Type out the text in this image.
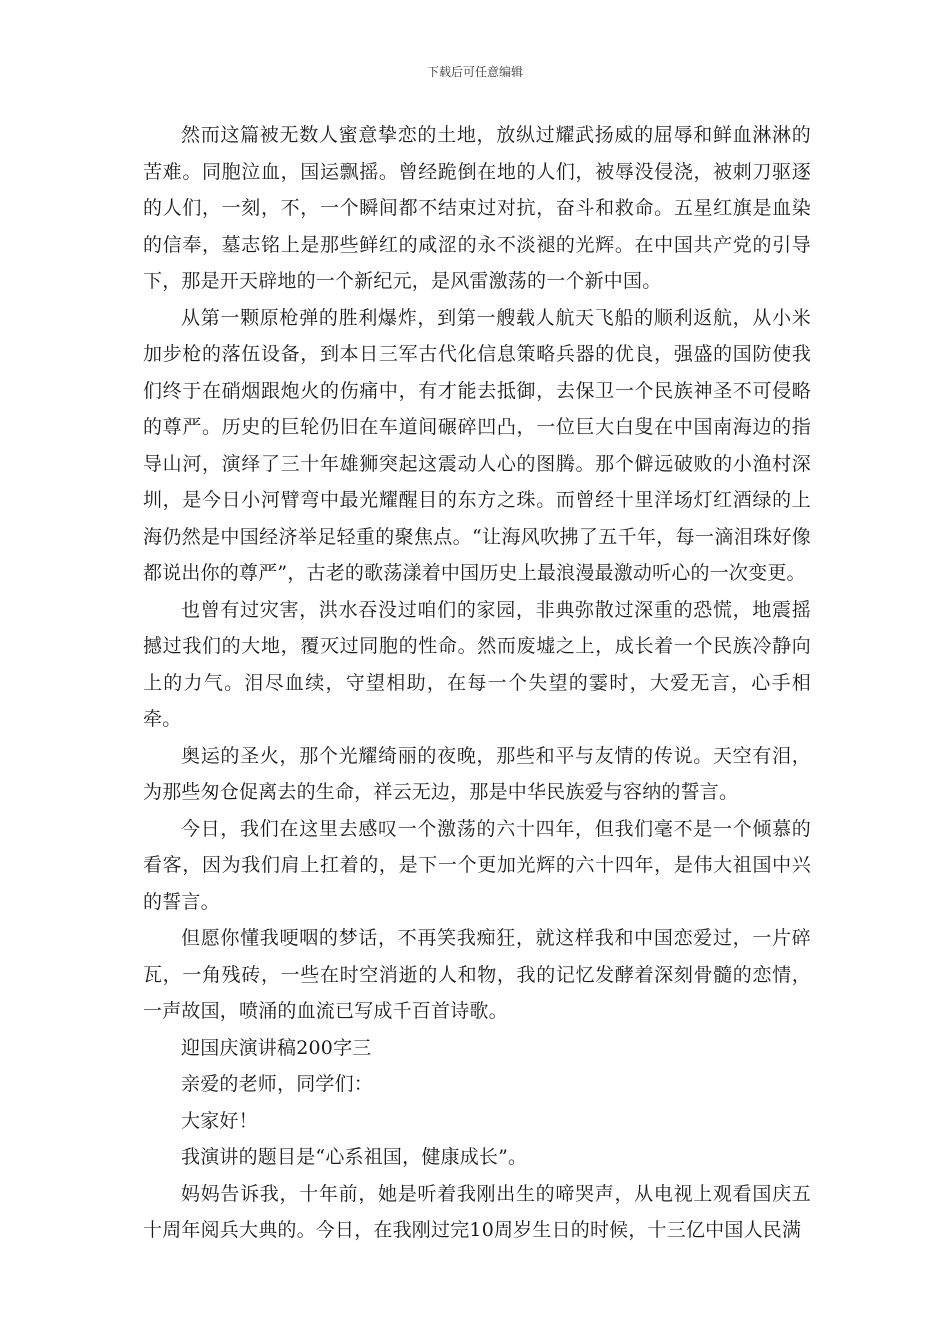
下载后可任意编辑

然而这篇被无数人蜜意挚恋的土地，放纵过耀武扬威的屈辱和鲜血淋淋的苦难。同胞泣血，国运飘摇。曾经跪倒在地的人们，被辱没侵浇，被刺刀驱逐的人们，一刻，不，一个瞬间都不结束过对抗，奋斗和救命。五星红旗是血染的信奉，墓志铭上是那些鲜红的咸涩的永不淡褪的光辉。在中国共产党的引导下，那是开天辟地的一个新纪元，是风雷激荡的一个新中国。

从第一颗原枪弹的胜利爆炸，到第一艘载人航天飞船的顺利返航，从小米加步枪的落伍设备，到本日三军古代化信息策略兵器的优良，强盛的国防使我们终于在硝烟跟炮火的伤痛中，有才能去抵御，去保卫一个民族神圣不可侵略的尊严。历史的巨轮仍旧在车道间碾碎凹凸，一位巨大白叟在中国南海边的指导山河，演绎了三十年雄狮突起这震动人心的图腾。那个僻远破败的小渔村深圳，是今日小河臂弯中最光耀醒目的东方之珠。而曾经十里洋场灯红酒绿的上海仍然是中国经济举足轻重的聚焦点。“让海风吹拂了五千年，每一滴泪珠好像都说出你的尊严”，古老的歌荡漾着中国历史上最浪漫最激动听心的一次变更。

也曾有过灾害，洪水吞没过咱们的家园，非典弥散过深重的恐慌，地震摇撼过我们的大地，覆灭过同胞的性命。然而废墟之上，成长着一个民族冷静向上的力气。泪尽血续，守望相助，在每一个失望的霎时，大爱无言，心手相牵。

奥运的圣火，那个光耀绮丽的夜晚，那些和平与友情的传说。天空有泪，为那些匆仓促离去的生命，祥云无边，那是中华民族爱与容纳的誓言。

今日，我们在这里去感叹一个激荡的六十四年，但我们毫不是一个倾慕的看客，因为我们肩上扛着的，是下一个更加光辉的六十四年，是伟大祖国中兴的誓言。

但愿你懂我哽咽的梦话，不再笑我痴狂，就这样我和中国恋爱过，一片碎瓦，一角残砖，一些在时空消逝的人和物，我的记忆发酵着深刻骨髓的恋情，一声故国，喷涌的血流已写成千百首诗歌。

迎国庆演讲稿200字三

亲爱的老师，同学们：

大家好！

我演讲的题目是“心系祖国，健康成长”。

妈妈告诉我，十年前，她是听着我刚出生的啼哭声，从电视上观看国庆五十周年阅兵大典的。今日，在我刚过完10周岁生日的时候，十三亿中国人民满
